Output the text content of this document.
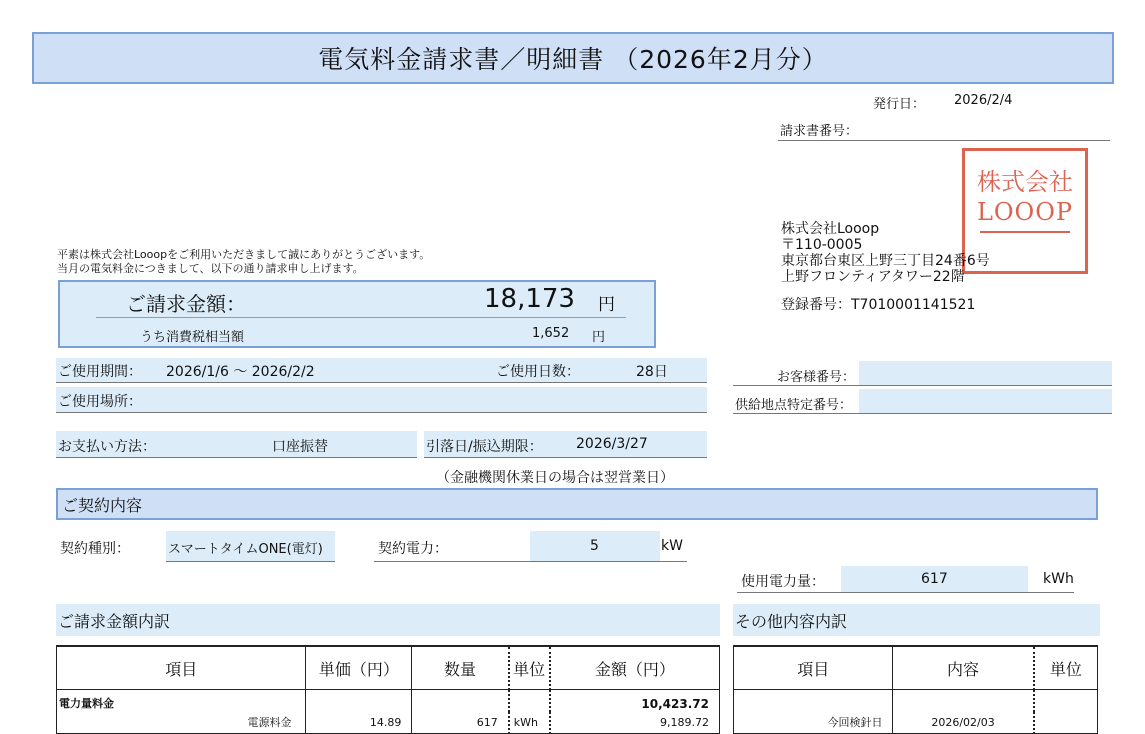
電気料金請求書／明細書 （2026年2月分）
発行日： 2026/2/4
請求書番号：
株式会社
LOOOP
株式会社Looop
〒110-0005
東京都台東区上野三丁目24番6号
上野フロンティアタワー22階
登録番号：T7010001141521
平素は株式会社Looopをご利用いただきまして誠にありがとうございます。
当月の電気料金につきまして、以下の通り請求申し上げます。
ご請求金額：	18,173 円
うち消費税相当額	1,652 円
ご使用期間： 2026/1/6 ～ 2026/2/2	ご使用日数：	28日
ご使用場所：
お客様番号：
供給地点特定番号：
お支払い方法：	口座振替	引落日/振込期限： 2026/3/27
（金融機関休業日の場合は翌営業日）
ご契約内容
契約種別：	スマートタイムONE(電灯)	契約電力：	5	kW
使用電力量：	617	kWh
ご請求金額内訳	その他内容内訳
項目	単価（円）	数量	単位	金額（円）
電力量料金				10,423.72
電源料金	14.89	617	kWh	9,189.72
項目	内容	単位

今回検針日	2026/02/03	
